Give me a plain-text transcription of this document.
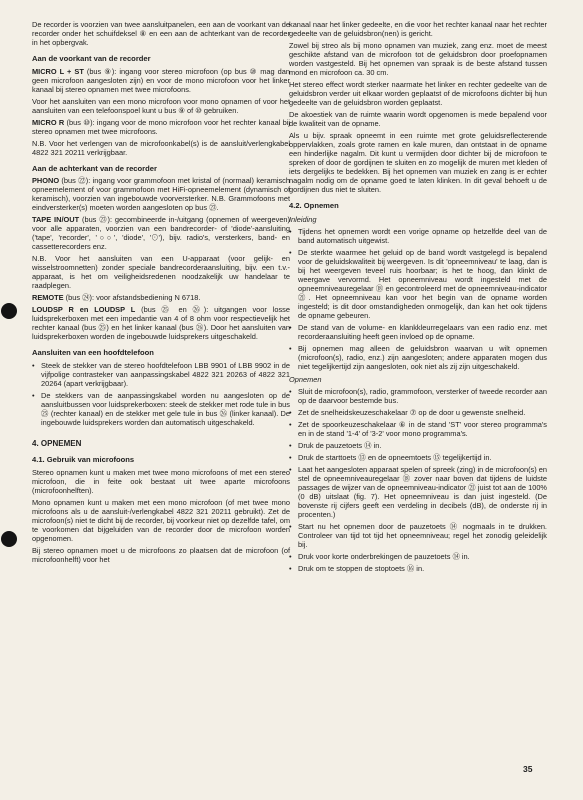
De recorder is voorzien van twee aansluitpanelen, een aan de voorkant van de recorder onder het schuifdeksel ⑧ en een aan de achterkant van de recorder in het opbergvak.

Aan de voorkant van de recorder

MICRO L + ST (bus ⑨): ingang voor stereo microfoon (op bus ⑩ mag dan geen microfoon aangesloten zijn) en voor de mono microfoon voor het linker kanaal bij stereo opnamen met twee microfoons.

Voor het aansluiten van een mono microfoon voor mono opnamen of voor het aansluiten van een telefoonspoel kunt u bus ⑨ of ⑩ gebruiken.

MICRO R (bus ⑩): ingang voor de mono microfoon voor het rechter kanaal bij stereo opnamen met twee microfoons.

N.B. Voor het verlengen van de microfoonkabel(s) is de aansluit/verlengkabel 4822 321 20211 verkrijgbaar.

Aan de achterkant van de recorder

PHONO (bus ㉒): ingang voor grammofoon met kristal of (normaal) keramisch opneemelement of voor grammofoon met HiFi-opneemelement (dynamisch of keramisch), voorzien van ingebouwde voorversterker. N.B. Grammofoons met eindversterker(s) moeten worden aangesloten op bus ㉓.

TAPE IN/OUT (bus ㉓): gecombineerde in-/uitgang (opnemen of weergeven) voor alle apparaten, voorzien van een bandrecorder- of 'diode'-aansluiting ('tape', 'recorder', '○○', 'diode', '⊙'), bijv. radio's, versterkers, band- en cassetterecorders enz.

N.B. Voor het aansluiten van een U-apparaat (voor gelijk- en wisselstroomnetten) zonder speciale bandrecorderaansluiting, bijv. een t.v.-apparaat, is het om veiligheidsredenen noodzakelijk uw handelaar te raadplegen.

REMOTE (bus ㉔): voor afstandsbediening N 6718.

LOUDSP R en LOUDSP L (bus ㉕ en ㉖): uitgangen voor losse luidsprekerboxen met een impedantie van 4 of 8 ohm voor respectievelijk het rechter kanaal (bus ㉕) en het linker kanaal (bus ㉖). Door het aansluiten van luidsprekerboxen worden de ingebouwde luidsprekers uitgeschakeld.

Aansluiten van een hoofdtelefoon

• Steek de stekker van de stereo hoofdtelefoon LBB 9901 of LBB 9902 in de vijfpolige contrasteker van aanpassingskabel 4822 321 20263 of 4822 321 20264 (apart verkrijgbaar).

• De stekkers van de aanpassingskabel worden nu aangesloten op de aansluitbussen voor luidsprekerboxen: steek de stekker met rode tule in bus ㉕ (rechter kanaal) en de stekker met gele tule in bus ㉖ (linker kanaal). De ingebouwde luidsprekers worden dan automatisch uitgeschakeld.

4. OPNEMEN
4.1. Gebruik van microfoons

Stereo opnamen kunt u maken met twee mono microfoons of met een stereo microfoon, die in feite ook bestaat uit twee aparte microfoons (microfoonhelften).

Mono opnamen kunt u maken met een mono microfoon (of met twee mono microfoons als u de aansluit-/verlengkabel 4822 321 20211 gebruikt). Zet de microfoon(s) niet te dicht bij de recorder, bij voorkeur niet op dezelfde tafel, om te voorkomen dat bijgeluiden van de recorder door de microfoon worden opgenomen.

Bij stereo opnamen moet u de microfoons zo plaatsen dat de microfoon (of microfoonhelft) voor het

kanaal naar het linker gedeelte, en die voor het rechter kanaal naar het rechter gedeelte van de geluidsbron(nen) is gericht.

Zowel bij streo als bij mono opnamen van muziek, zang enz. moet de meest geschikte afstand van de microfoon tot de geluidsbron door proefopnamen worden vastgesteld. Bij het opnemen van spraak is de beste afstand tussen mond en microfoon ca. 30 cm.

Het stereo effect wordt sterker naarmate het linker en rechter gedeelte van de geluidsbron verder uit elkaar worden geplaatst of de microfoons dichter bij hun gedeelte van de geluidsbron worden geplaatst.

De akoestiek van de ruimte waarin wordt opgenomen is mede bepalend voor de kwaliteit van de opname.

Als u bijv. spraak opneemt in een ruimte met grote geluidsreflecterende oppervlakken, zoals grote ramen en kale muren, dan ontstaat in de opname een hinderlijke nagalm. Dit kunt u vermijden door dichter bij de microfoon te spreken of door de gordijnen te sluiten en zo mogelijk de muren met kleden of iets dergelijks te bedekken. Bij het opnemen van muziek en zang is er echter nagalm nodig om de opname goed te laten klinken. In dit geval behoeft u de gordijnen dus niet te sluiten.

4.2. Opnemen
Inleiding

• Tijdens het opnemen wordt een vorige opname op hetzelfde deel van de band automatisch uitgewist.

• De sterkte waarmee het geluid op de band wordt vastgelegd is bepalend voor de geluidskwaliteit bij weergeven. Is dit 'opneemniveau' te laag, dan is bij het weergeven teveel ruis hoorbaar; is het te hoog, dan klinkt de weergave vervormd. Het opneemniveau wordt ingesteld met de opneemniveauregelaar ⑱ en gecontroleerd met de opneemniveau-indicator ㉑. Het opneemniveau kan voor het begin van de opname worden ingesteld; is dit door omstandigheden onmogelijk, dan kan het ook tijdens de opname gebeuren.

• De stand van de volume- en klankkleurregelaars van een radio enz. met recorderaansluiting heeft geen invloed op de opname.

• Bij opnemen mag alleen de geluidsbron waarvan u wilt opnemen (microfoon(s), radio, enz.) zijn aangesloten; andere apparaten mogen dus niet tegelijkertijd zijn aangesloten, ook niet als zij zijn uitgeschakeld.

Opnemen

• Sluit de microfoon(s), radio, grammofoon, versterker of tweede recorder aan op de daarvoor bestemde bus.

• Zet de snelheidskeuzeschakelaar ⑦ op de door u gewenste snelheid.

• Zet de spoorkeuzeschakelaar ⑥ in de stand 'ST' voor stereo programma's en in de stand '1-4' of '3-2' voor mono programma's.

• Druk de pauzetoets ⑭ in.

• Druk de starttoets ⑬ en de opneemtoets ⑮ tegelijkertijd in.

• Laat het aangesloten apparaat spelen of spreek (zing) in de microfoon(s) en stel de opneemniveauregelaar ⑱ zover naar boven dat tijdens de luidste passages de wijzer van de opneemniveau-indicator ㉑ juist tot aan de 100% (0 dB) uitslaat (fig. 7). Het opneemniveau is dan juist ingesteld. (De bovenste rij cijfers geeft een verdeling in decibels (dB), de onderste rij in procenten.)

• Start nu het opnemen door de pauzetoets ⑭ nogmaals in te drukken. Controleer van tijd tot tijd het opneemniveau; regel het zonodig geleidelijk bij.

• Druk voor korte onderbrekingen de pauzetoets ⑭ in.

• Druk om te stoppen de stoptoets ⑯ in.

35
